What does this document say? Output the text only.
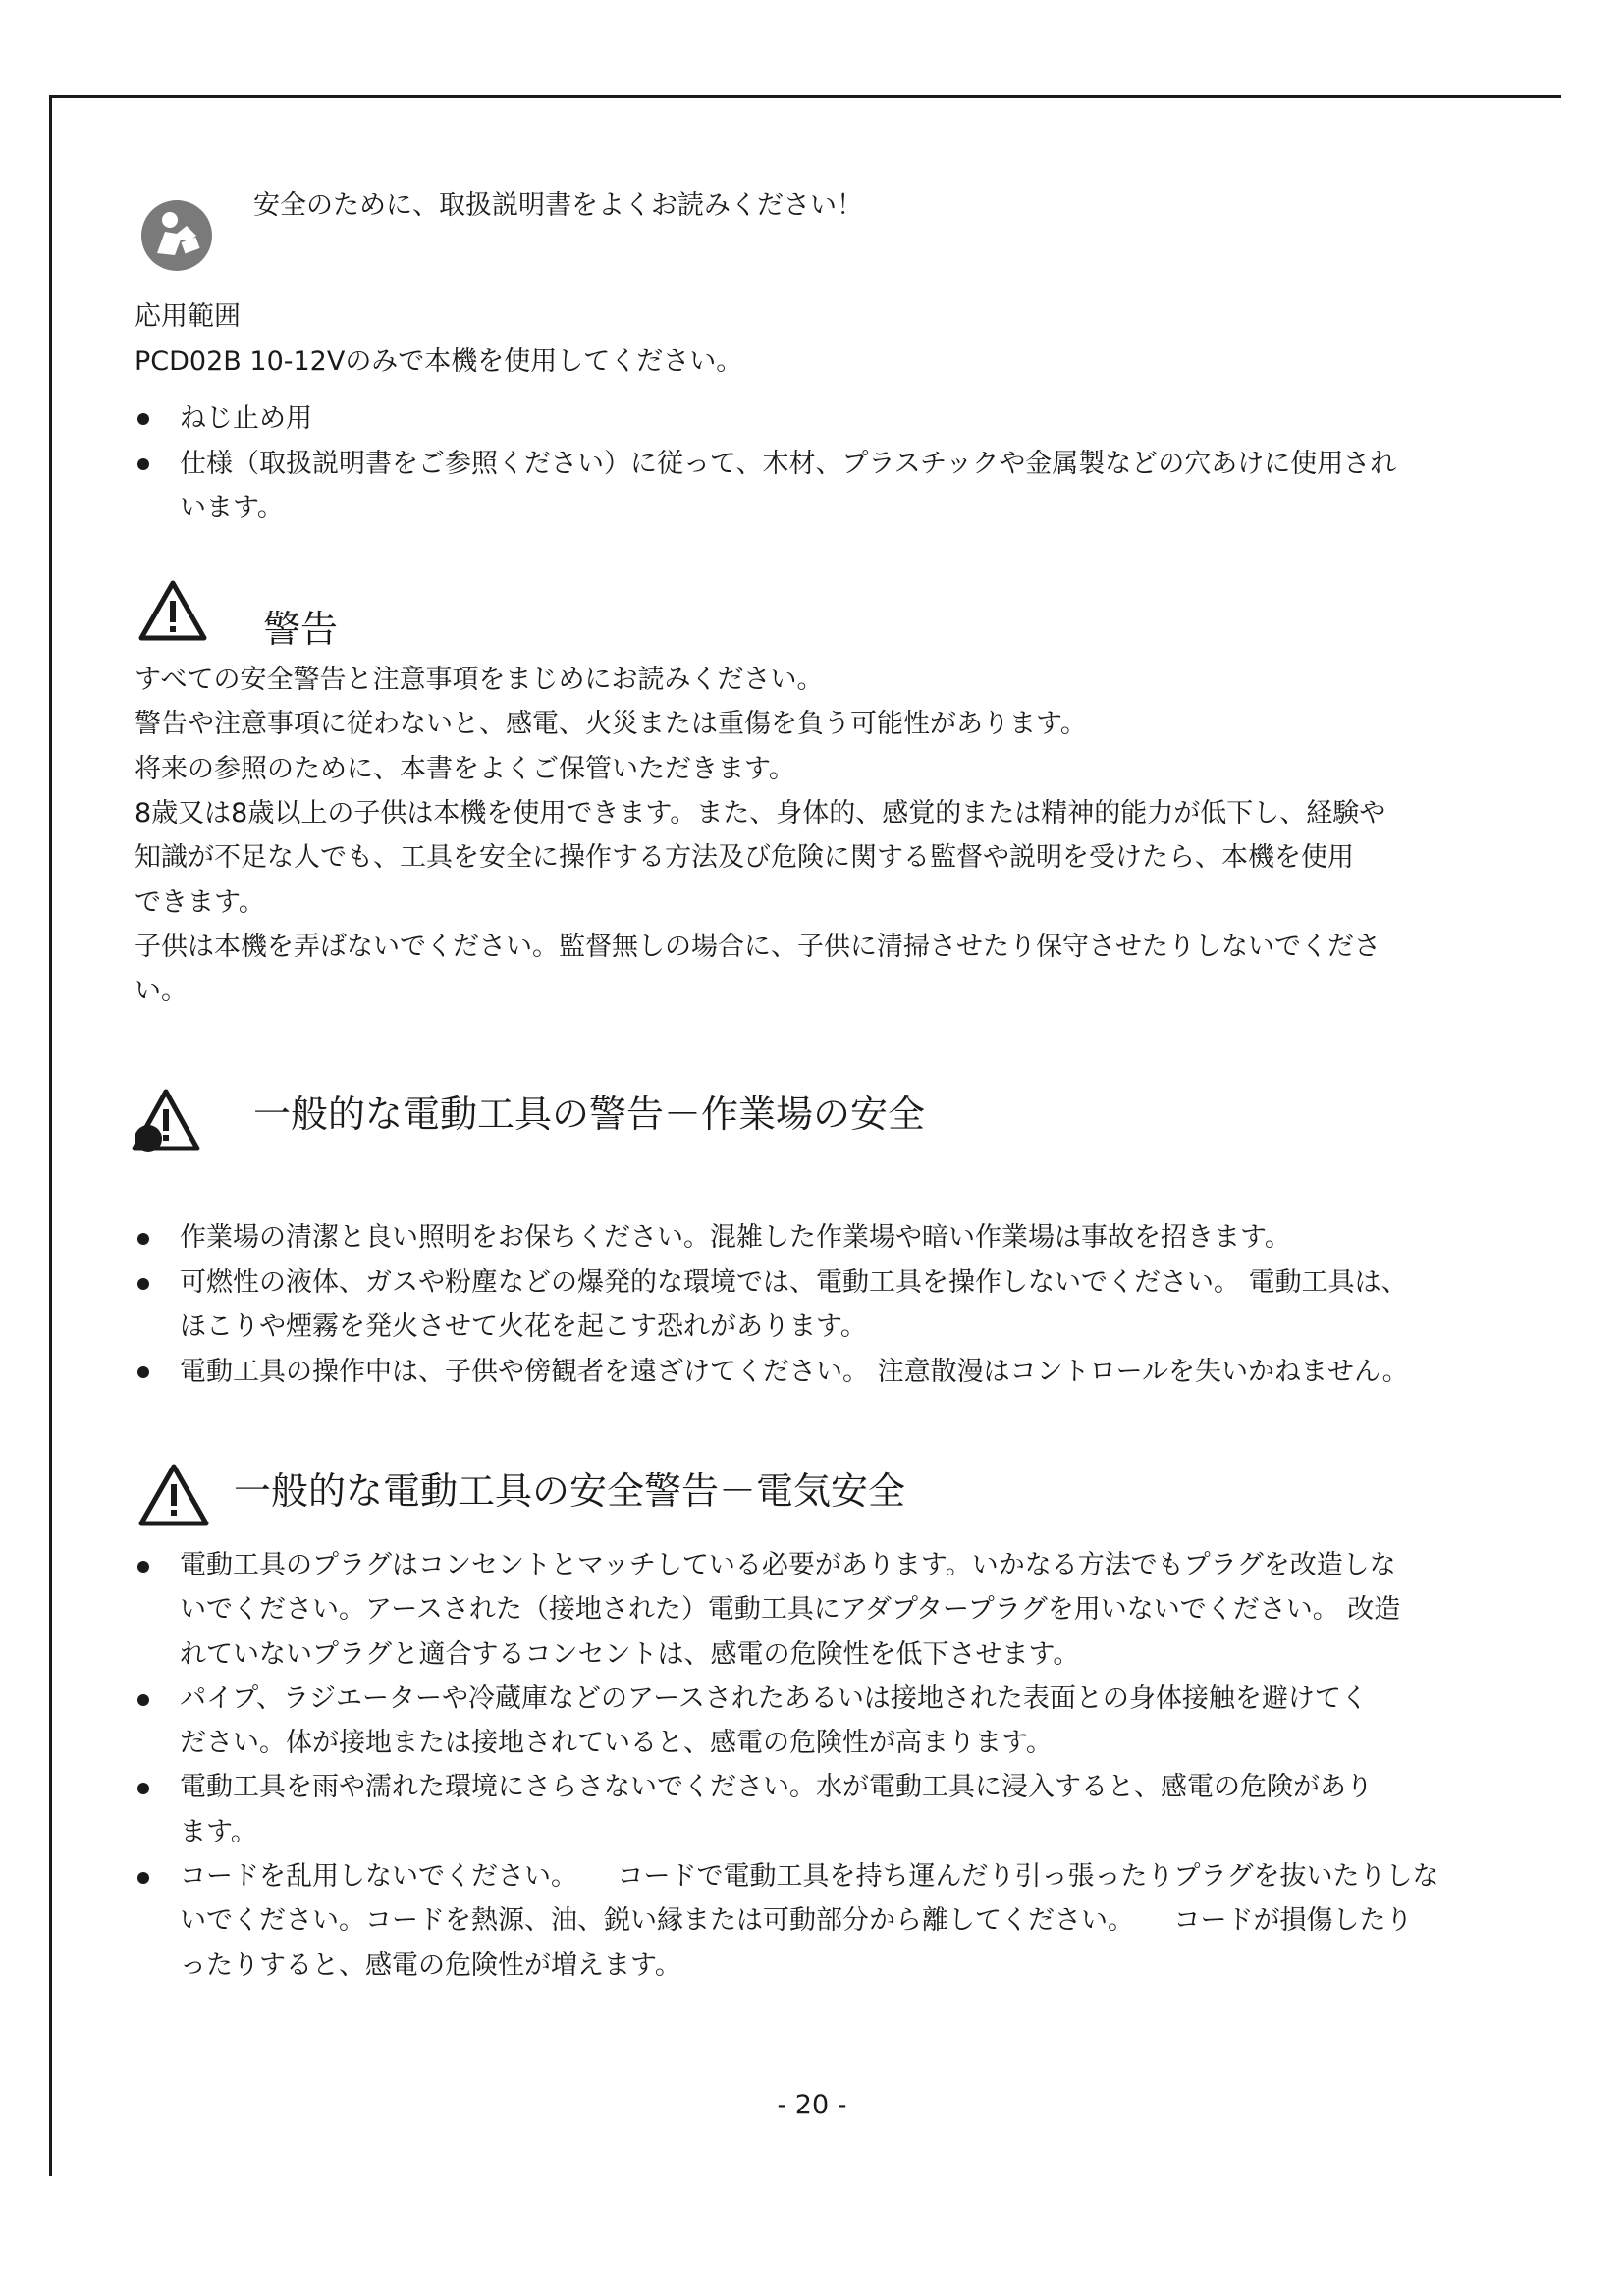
安全のために、取扱説明書をよくお読みください！
応用範囲
PCD02B 10-12Vのみで本機を使用してください。
ねじ止め用
仕様（取扱説明書をご参照ください）に従って、木材、プラスチックや金属製などの穴あけに使用され
います。
警告
すべての安全警告と注意事項をまじめにお読みください。
警告や注意事項に従わないと、感電、火災または重傷を負う可能性があります。
将来の参照のために、本書をよくご保管いただきます。
8歳又は8歳以上の子供は本機を使用できます。また、身体的、感覚的または精神的能力が低下し、経験や
知識が不足な人でも、工具を安全に操作する方法及び危険に関する監督や説明を受けたら、本機を使用
できます。
子供は本機を弄ばないでください。監督無しの場合に、子供に清掃させたり保守させたりしないでくださ
い。
一般的な電動工具の警告－作業場の安全
作業場の清潔と良い照明をお保ちください。混雑した作業場や暗い作業場は事故を招きます。
可燃性の液体、ガスや粉塵などの爆発的な環境では、電動工具を操作しないでください。 電動工具は、
ほこりや煙霧を発火させて火花を起こす恐れがあります。
電動工具の操作中は、子供や傍観者を遠ざけてください。 注意散漫はコントロールを失いかねません。
一般的な電動工具の安全警告－電気安全
電動工具のプラグはコンセントとマッチしている必要があります。いかなる方法でもプラグを改造しな
いでください。アースされた（接地された）電動工具にアダプタープラグを用いないでください。 改造
れていないプラグと適合するコンセントは、感電の危険性を低下させます。
パイプ、ラジエーターや冷蔵庫などのアースされたあるいは接地された表面との身体接触を避けてく
ださい。体が接地または接地されていると、感電の危険性が高まります。
電動工具を雨や濡れた環境にさらさないでください。水が電動工具に浸入すると、感電の危険があり
ます。
コードを乱用しないでください。　　コードで電動工具を持ち運んだり引っ張ったりプラグを抜いたりしな
いでください。コードを熱源、油、鋭い縁または可動部分から離してください。　　コードが損傷したり
ったりすると、感電の危険性が増えます。
- 20 -
